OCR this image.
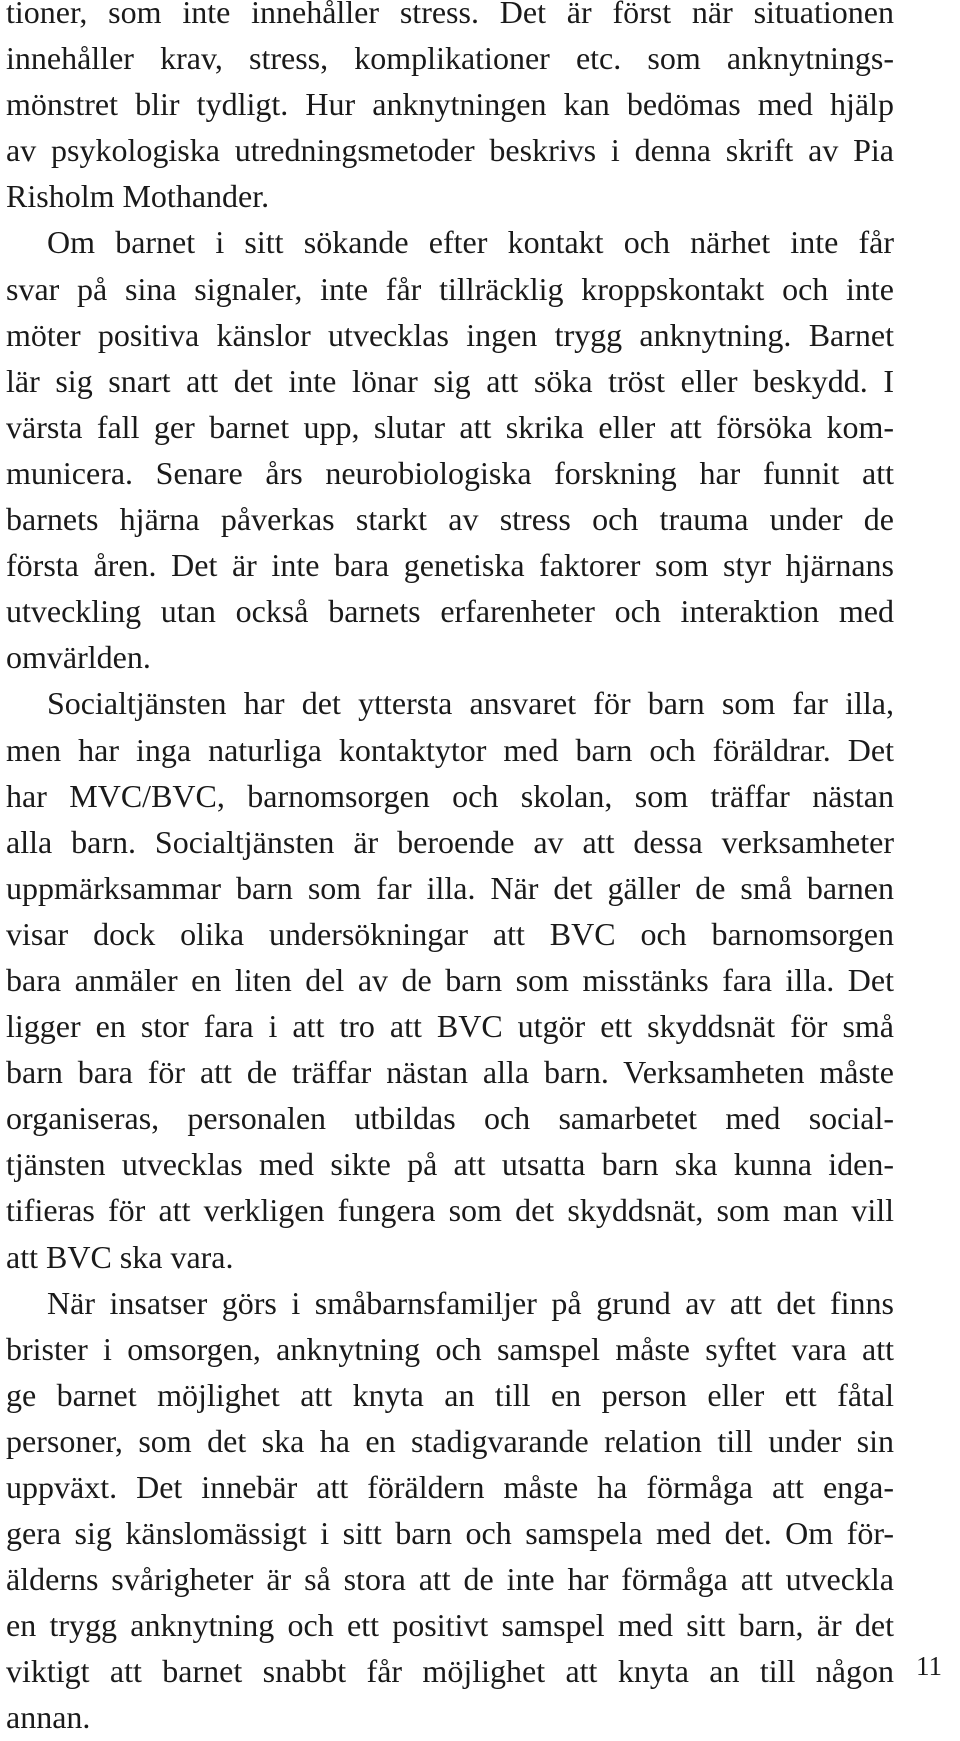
tioner, som inte innehåller stress. Det är först när situationen
innehåller krav, stress, komplikationer etc. som anknytnings-
mönstret blir tydligt. Hur anknytningen kan bedömas med hjälp
av psykologiska utredningsmetoder beskrivs i denna skrift av Pia
Risholm Mothander.

Om barnet i sitt sökande efter kontakt och närhet inte får
svar på sina signaler, inte får tillräcklig kroppskontakt och inte
möter positiva känslor utvecklas ingen trygg anknytning. Barnet
lär sig snart att det inte lönar sig att söka tröst eller beskydd. I
värsta fall ger barnet upp, slutar att skrika eller att försöka kom-
municera. Senare års neurobiologiska forskning har funnit att
barnets hjärna påverkas starkt av stress och trauma under de
första åren. Det är inte bara genetiska faktorer som styr hjärnans
utveckling utan också barnets erfarenheter och interaktion med
omvärlden.

Socialtjänsten har det yttersta ansvaret för barn som far illa,
men har inga naturliga kontaktytor med barn och föräldrar. Det
har MVC/BVC, barnomsorgen och skolan, som träffar nästan
alla barn. Socialtjänsten är beroende av att dessa verksamheter
uppmärksammar barn som far illa. När det gäller de små barnen
visar dock olika undersökningar att BVC och barnomsorgen
bara anmäler en liten del av de barn som misstänks fara illa. Det
ligger en stor fara i att tro att BVC utgör ett skyddsnät för små
barn bara för att de träffar nästan alla barn. Verksamheten måste
organiseras, personalen utbildas och samarbetet med social-
tjänsten utvecklas med sikte på att utsatta barn ska kunna iden-
tifieras för att verkligen fungera som det skyddsnät, som man vill
att BVC ska vara.

När insatser görs i småbarnsfamiljer på grund av att det finns
brister i omsorgen, anknytning och samspel måste syftet vara att
ge barnet möjlighet att knyta an till en person eller ett fåtal
personer, som det ska ha en stadigvarande relation till under sin
uppväxt. Det innebär att föräldern måste ha förmåga att enga-
gera sig känslomässigt i sitt barn och samspela med det. Om för-
älderns svårigheter är så stora att de inte har förmåga att utveckla
en trygg anknytning och ett positivt samspel med sitt barn, är det
viktigt att barnet snabbt får möjlighet att knyta an till någon
annan.

11
